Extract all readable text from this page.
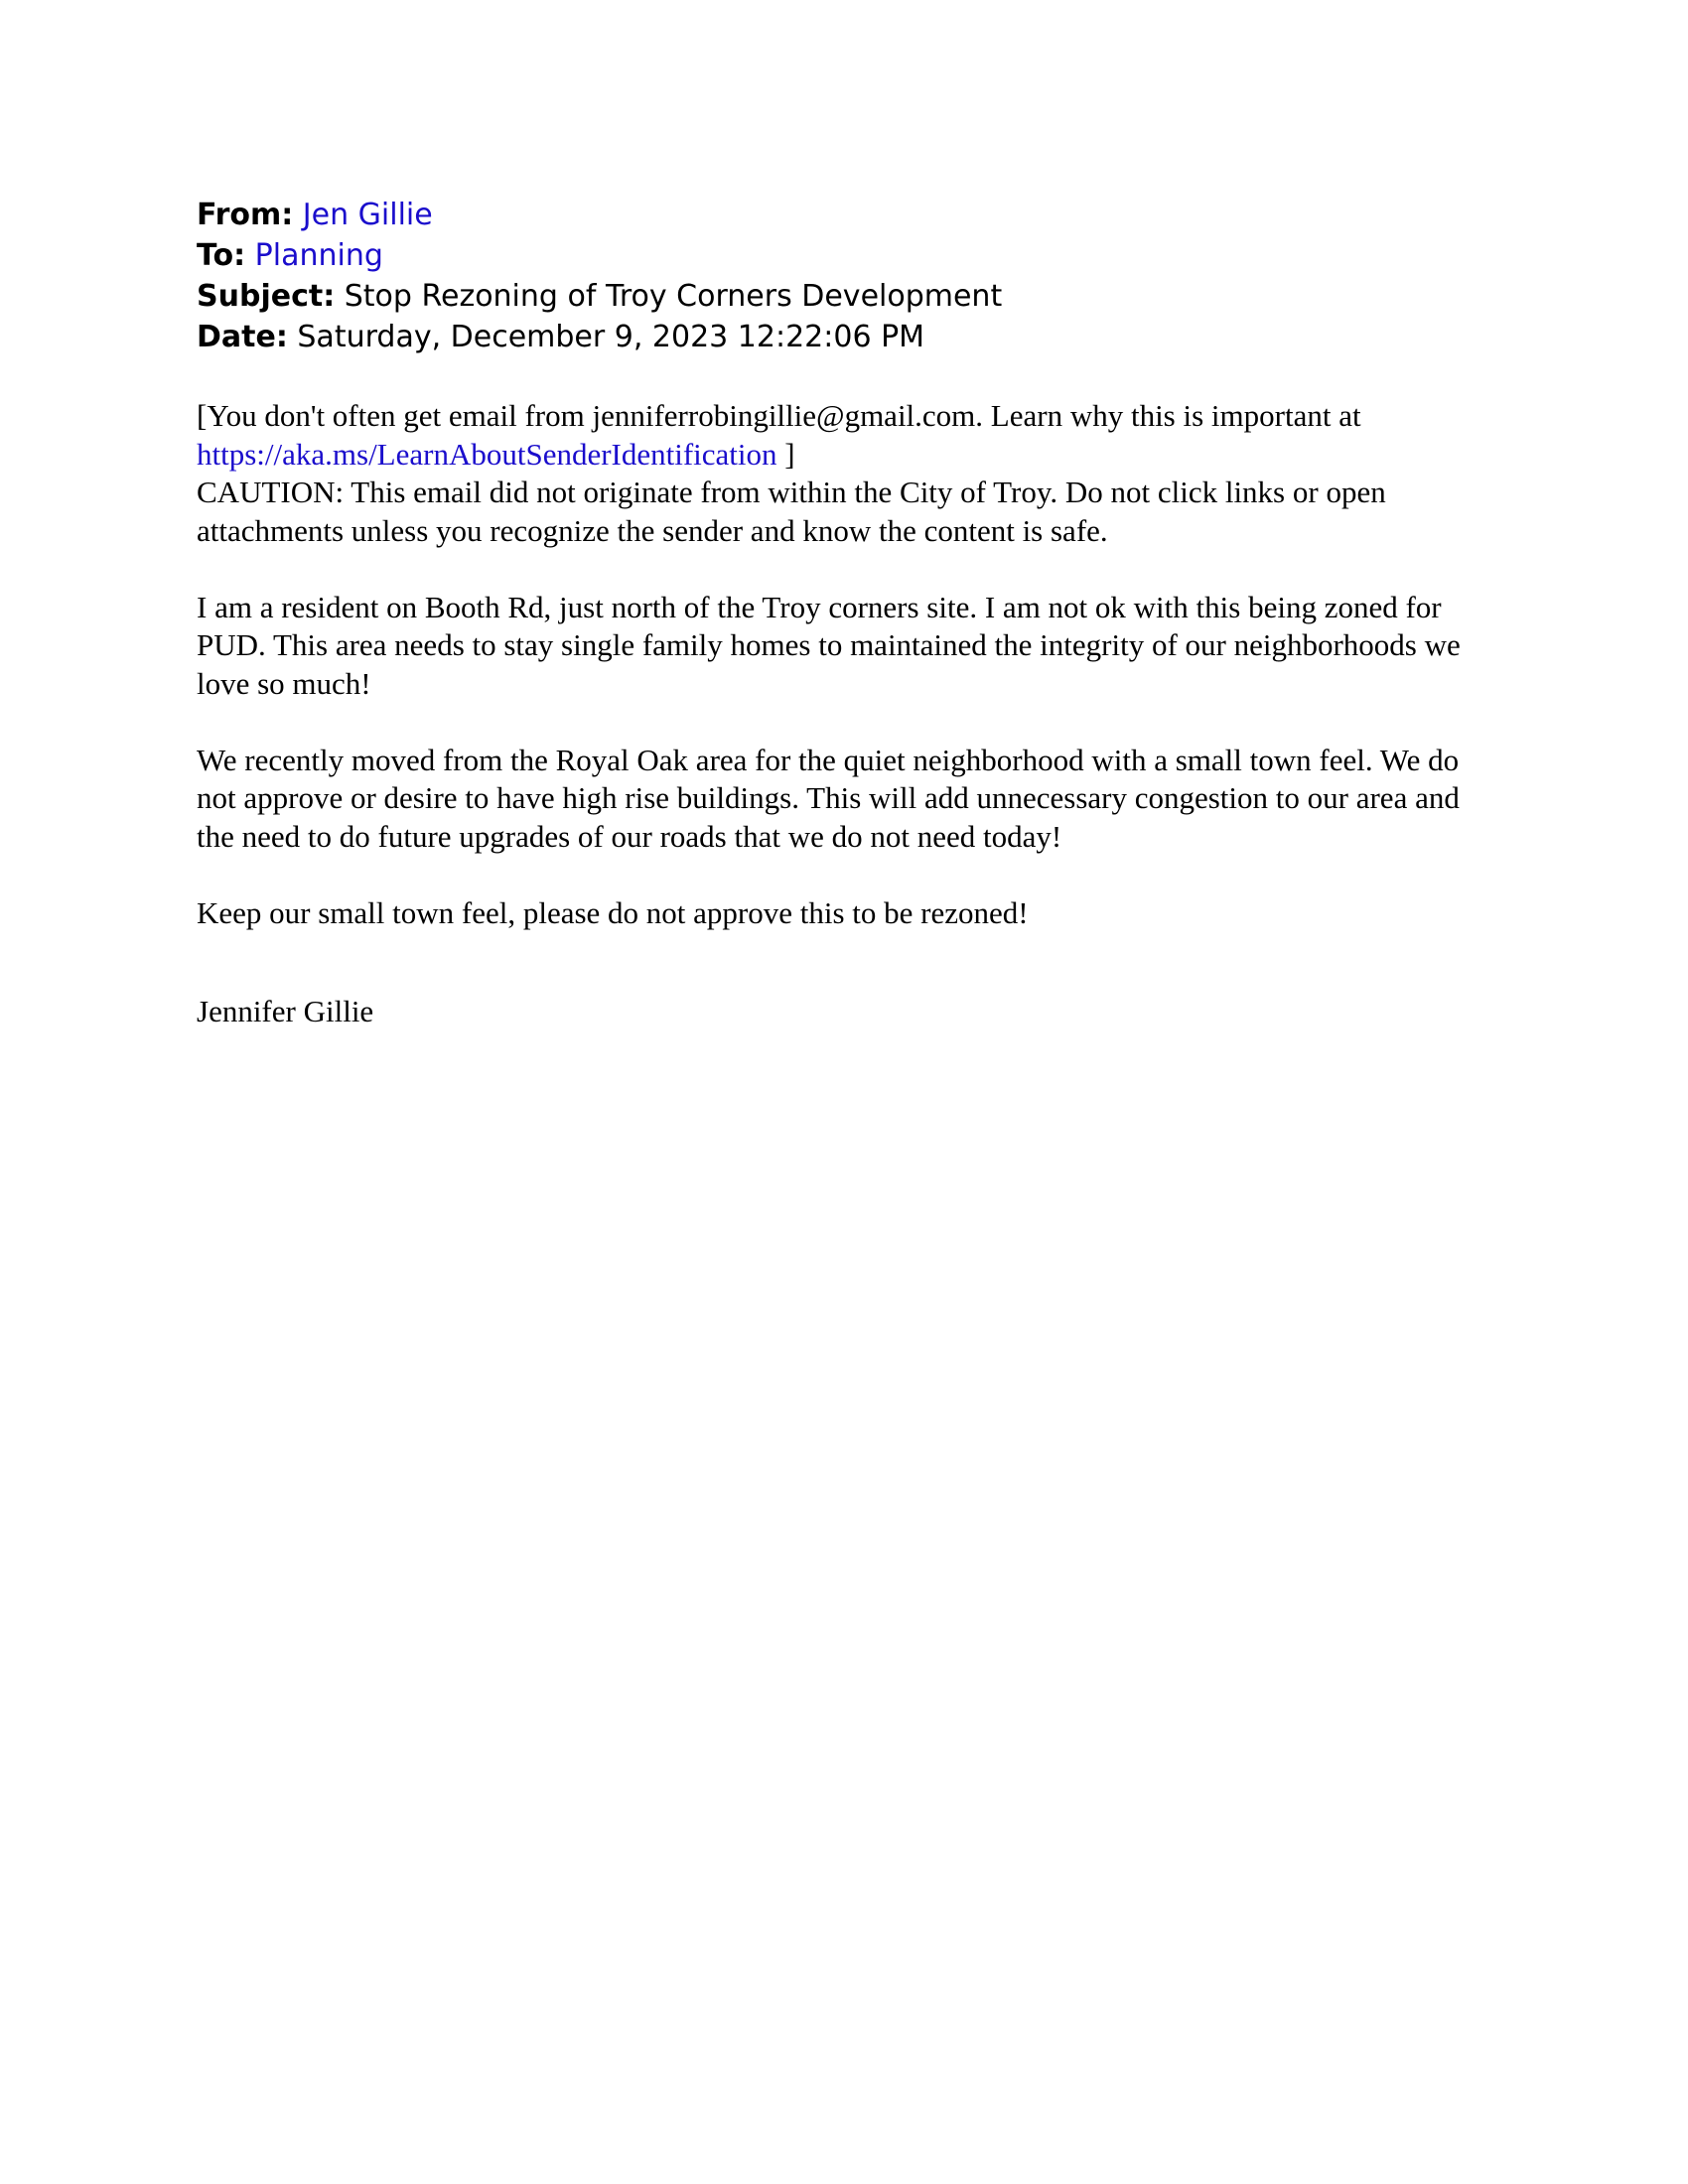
From: Jen Gillie
To: Planning
Subject: Stop Rezoning of Troy Corners Development
Date: Saturday, December 9, 2023 12:22:06 PM

[You don't often get email from jenniferrobingillie@gmail.com. Learn why this is important at
https://aka.ms/LearnAboutSenderIdentification ]
CAUTION: This email did not originate from within the City of Troy. Do not click links or open attachments unless you recognize the sender and know the content is safe.

I am a resident on Booth Rd, just north of the Troy corners site. I am not ok with this being zoned for PUD. This area needs to stay single family homes to maintained the integrity of our neighborhoods we love so much!

We recently moved from the Royal Oak area for the quiet neighborhood with a small town feel. We do not approve or desire to have high rise buildings. This will add unnecessary congestion to our area and the need to do future upgrades of our roads that we do not need today!

Keep our small town feel, please do not approve this to be rezoned!

Jennifer Gillie
